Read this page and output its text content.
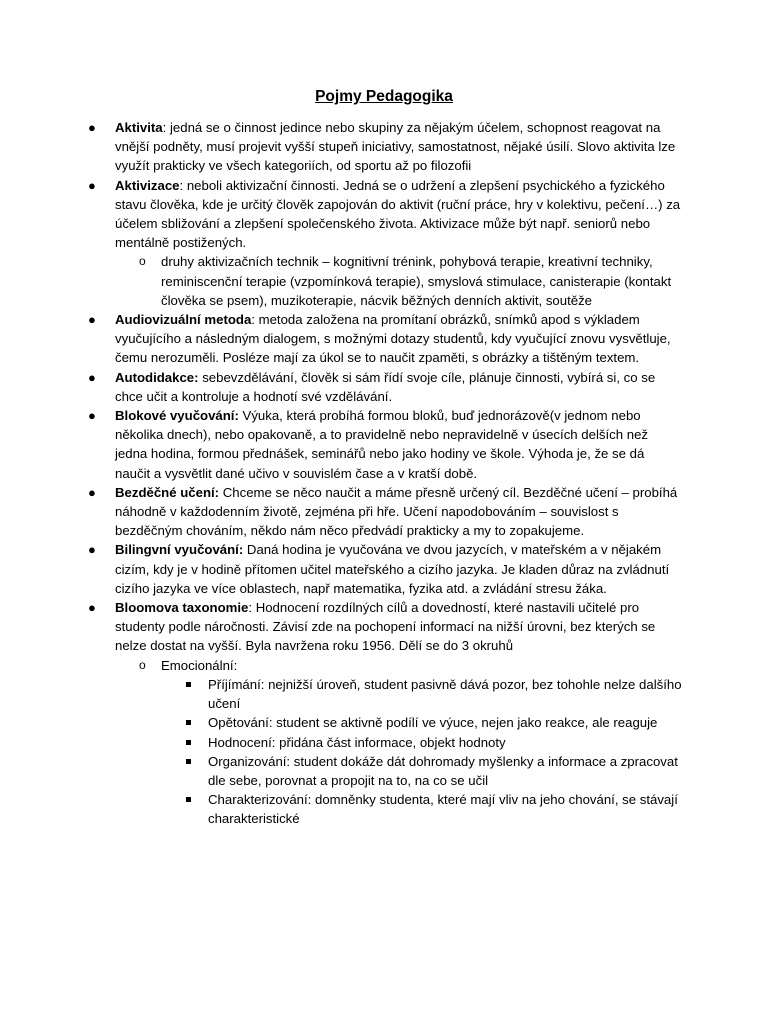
Pojmy Pedagogika
● Aktivita: jedná se o činnost jedince nebo skupiny za nějakým účelem, schopnost reagovat na vnější podněty, musí projevit vyšší stupeň iniciativy, samostatnost, nějaké úsilí. Slovo aktivita lze využít prakticky ve všech kategoriích, od sportu až po filozofii
● Aktivizace: neboli aktivizační činnosti. Jedná se o udržení a zlepšení psychického a fyzického stavu člověka, kde je určitý člověk zapojován do aktivit (ruční práce, hry v kolektivu, pečení…) za účelem sbližování a zlepšení společenského života. Aktivizace může být např. seniorů nebo mentálně postižených.
o druhy aktivizačních technik – kognitivní trénink, pohybová terapie, kreativní techniky, reminiscenční terapie (vzpomínková terapie), smyslová stimulace, canisterapie (kontakt člověka se psem), muzikoterapie, nácvik běžných denních aktivit, soutěže
● Audiovizuální metoda: metoda založena na promítaní obrázků, snímků apod s výkladem vyučujícího a následným dialogem, s možnými dotazy studentů, kdy vyučující znovu vysvětluje, čemu nerozuměli. Posléze mají za úkol se to naučit zpaměti, s obrázky a tištěným textem.
● Autodidakce: sebevzdělávání, člověk si sám řídí svoje cíle, plánuje činnosti, vybírá si, co se chce učit a kontroluje a hodnotí své vzdělávání.
● Blokové vyučování: Výuka, která probíhá formou bloků, buď jednorázově(v jednom nebo několika dnech), nebo opakovaně, a to pravidelně nebo nepravidelně v úsecích delších než jedna hodina, formou přednášek, seminářů nebo jako hodiny ve škole. Výhoda je, že se dá naučit a vysvětlit dané učivo v souvislém čase a v kratší době.
● Bezděčné učení: Chceme se něco naučit a máme přesně určený cíl. Bezděčné učení – probíhá náhodně v každodenním životě, zejména při hře. Učení napodobováním – souvislost s bezděčným chováním, někdo nám něco předvádí prakticky a my to zopakujeme.
● Bilingvní vyučování: Daná hodina je vyučována ve dvou jazycích, v mateřském a v nějakém cizím, kdy je v hodině přítomen učitel mateřského a cizího jazyka. Je kladen důraz na zvládnutí cizího jazyka ve více oblastech, např matematika, fyzika atd. a zvládání stresu žáka.
● Bloomova taxonomie: Hodnocení rozdílných cílů a dovedností, které nastavili učitelé pro studenty podle náročnosti. Závisí zde na pochopení informací na nižší úrovni, bez kterých se nelze dostat na vyšší. Byla navržena roku 1956. Dělí se do 3 okruhů
o Emocionální:
Příjímání: nejnižší úroveň, student pasivně dává pozor, bez tohohle nelze dalšího učení
Opětování: student se aktivně podílí ve výuce, nejen jako reakce, ale reaguje
Hodnocení: přidána část informace, objekt hodnoty
Organizování: student dokáže dát dohromady myšlenky a informace a zpracovat dle sebe, porovnat a propojit na to, na co se učil
Charakterizování: domněnky studenta, které mají vliv na jeho chování, se stávají charakteristické
